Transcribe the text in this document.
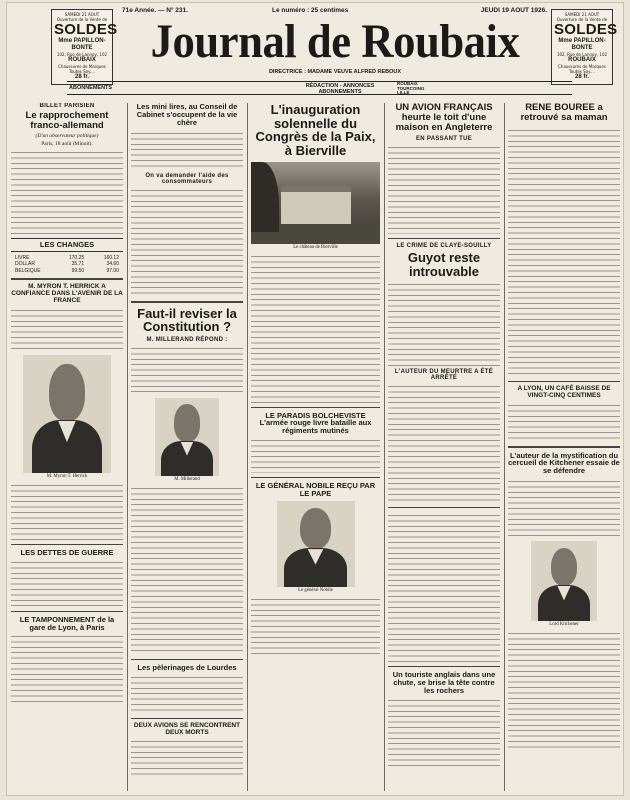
SAMEDI 21 AOUT
Ouverture de la Vente de
SOLDES
Mme PAPILLON-BONTE
102, Rue de Lannoy, 102
ROUBAIX
Chaussures de Marques
Toutes Soy....
28 fr.
71e Année. — N° 231.	Le numéro : 25 centimes	JEUDI 19 AOUT 1926.
Journal de Roubaix
DIRECTRICE : MADAME VEUVE ALFRED REBOUX
SAMEDI 21 AOUT
Ouverture de la Vente de
SOLDES
Mme PAPILLON-BONTE
102, Rue de Lannoy, 102
ROUBAIX
Chaussures de Marques
Toutes Soy....
28 fr.
ABONNEMENTS	RÉDACTION - ANNONCES ABONNEMENTS
ROUBAIX
TOURCOING
LILLE
BILLET PARISIEN
Le rapprochement franco-allemand
(D'un observateur politique)
Paris, 18 août (Minuit).
LES CHANGES
LIVRE	170.25	160.12
DOLLAR	35.71	34.60
BELGIQUE	99.50	97.00
M. MYRON T. HERRICK A CONFIANCE DANS L'AVENIR DE LA FRANCE
M. Myron T. Herrick
LES DETTES DE GUERRE
LE TAMPONNEMENT de la gare de Lyon, à Paris
Les mini lires, au Conseil de Cabinet s'occupent de la vie chère
On va demander l'aide des consommateurs
Faut-il reviser la Constitution ?
M. MILLERAND RÉPOND :
M. Millerand
Les pèlerinages de Lourdes
DEUX AVIONS SE RENCONTRENT
DEUX MORTS
L'inauguration solennelle du Congrès de la Paix, à Bierville
Le château de Bierville
LE PARADIS BOLCHEVISTE
L'armée rouge livre bataille aux régiments mutinés
LE GÉNÉRAL NOBILE REÇU PAR LE PAPE
Le général Nobile
UN AVION FRANÇAIS heurte le toit d'une maison en Angleterre
EN PASSANT TUE
LE CRIME DE CLAYE-SOUILLY
Guyot reste introuvable
L'AUTEUR DU MEURTRE A ÉTÉ ARRÊTÉ
Un touriste anglais dans une chute, se brise la tête contre les rochers
RENÉ BOUREE a retrouvé sa maman
A LYON, UN CAFÉ BAISSE DE VINGT-CINQ CENTIMES
L'auteur de la mystification du cercueil de Kitchener essaie de se défendre
Lord Kitchener
